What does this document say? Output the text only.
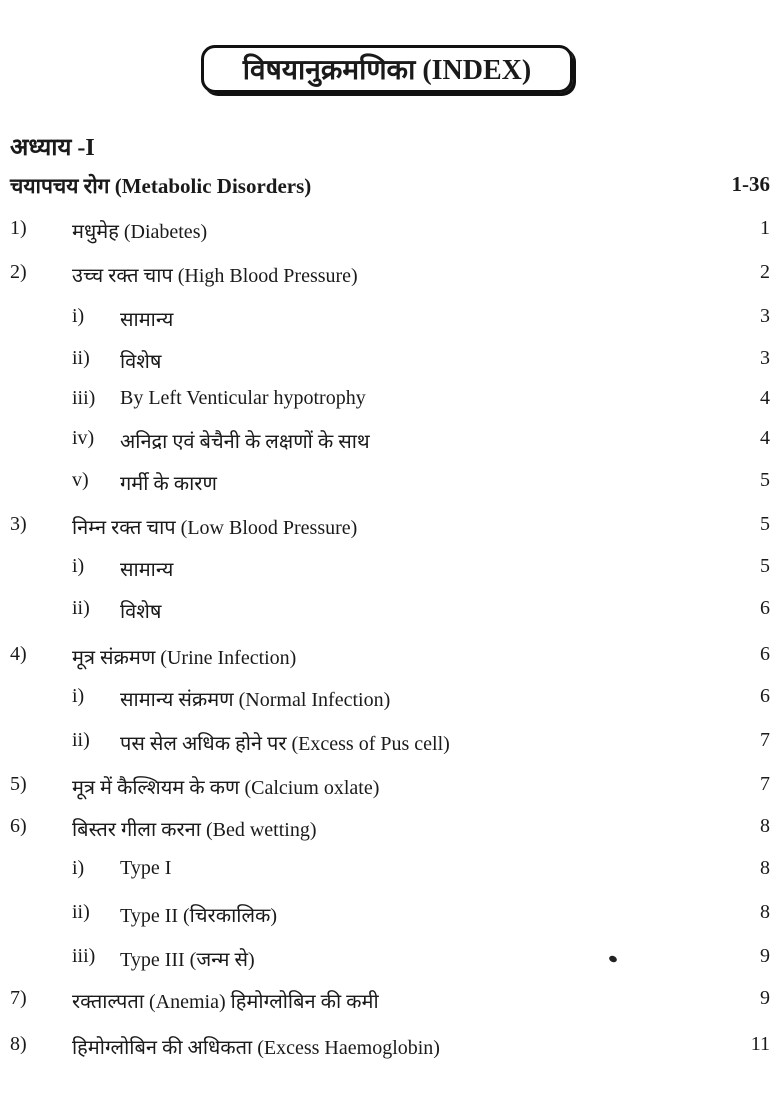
विषयानुक्रमणिका (INDEX)
अध्याय -I
चयापचय रोग (Metabolic Disorders)	1-36
1) मधुमेह (Diabetes)	1
2) उच्च रक्त चाप (High Blood Pressure)	2
i) सामान्य	3
ii) विशेष	3
iii) By Left Venticular hypotrophy	4
iv) अनिद्रा एवं बेचैनी के लक्षणों के साथ	4
v) गर्मी के कारण	5
3) निम्न रक्त चाप (Low Blood Pressure)	5
i) सामान्य	5
ii) विशेष	6
4) मूत्र संक्रमण (Urine Infection)	6
i) सामान्य संक्रमण (Normal Infection)	6
ii) पस सेल अधिक होने पर (Excess of Pus cell)	7
5) मूत्र में कैल्शियम के कण (Calcium oxlate)	7
6) बिस्तर गीला करना (Bed wetting)	8
i) Type I	8
ii) Type II (चिरकालिक)	8
iii) Type III (जन्म से)	9
7) रक्ताल्पता (Anemia) हिमोग्लोबिन की कमी	9
8) हिमोग्लोबिन की अधिकता (Excess Haemoglobin)	11
